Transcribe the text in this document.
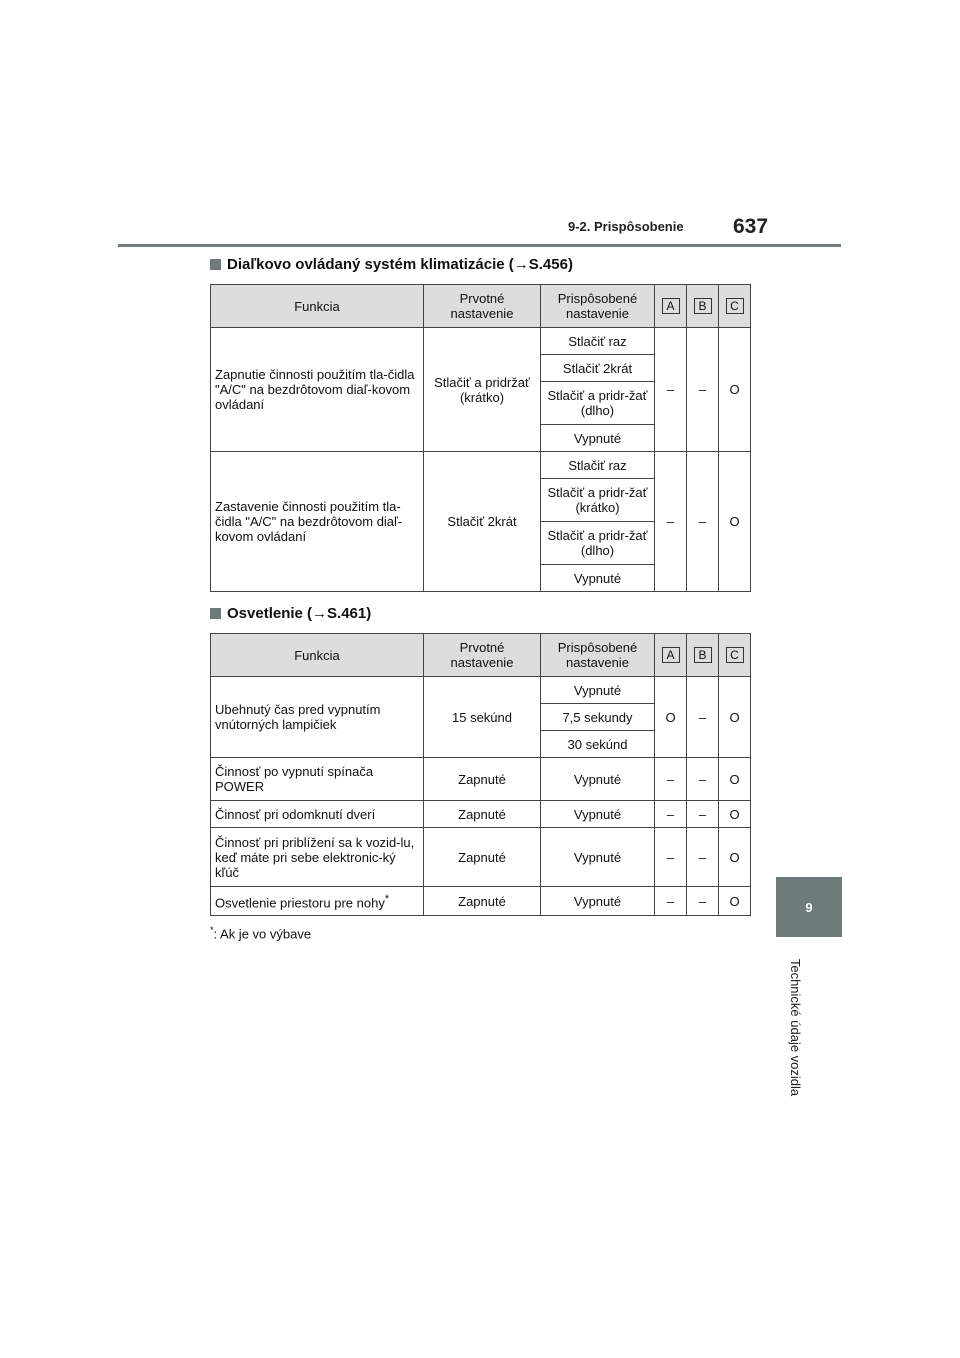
9-2. Prispôsobenie 637
9
Technické údaje vozidla
Diaľkovo ovládaný systém klimatizácie (→S.456)
Funkcia	Prvotné nastavenie	Prispôsobené nastavenie	A	B	C
Zapnutie činnosti použitím tla-čidla "A/C" na bezdrôtovom diaľ-kovom ovládaní	Stlačiť a pridržať (krátko)	Stlačiť raz	–	–	O
		Stlačiť 2krát			
		Stlačiť a pridr-žať (dlho)			
		Vypnuté			
Zastavenie činnosti použitím tla-čidla "A/C" na bezdrôtovom diaľ-kovom ovládaní	Stlačiť 2krát	Stlačiť raz	–	–	O
		Stlačiť a pridr-žať (krátko)			
		Stlačiť a pridr-žať (dlho)			
		Vypnuté			
Osvetlenie (→S.461)
Funkcia	Prvotné nastavenie	Prispôsobené nastavenie	A	B	C
Ubehnutý čas pred vypnutím vnútorných lampičiek	15 sekúnd	Vypnuté	O	–	O
		7,5 sekundy			
		30 sekúnd			
Činnosť po vypnutí spínača POWER	Zapnuté	Vypnuté	–	–	O
Činnosť pri odomknutí dverí	Zapnuté	Vypnuté	–	–	O
Činnosť pri priblížení sa k vozid-lu, keď máte pri sebe elektronic-ký kľúč	Zapnuté	Vypnuté	–	–	O
Osvetlenie priestoru pre nohy*	Zapnuté	Vypnuté	–	–	O
*: Ak je vo výbave
